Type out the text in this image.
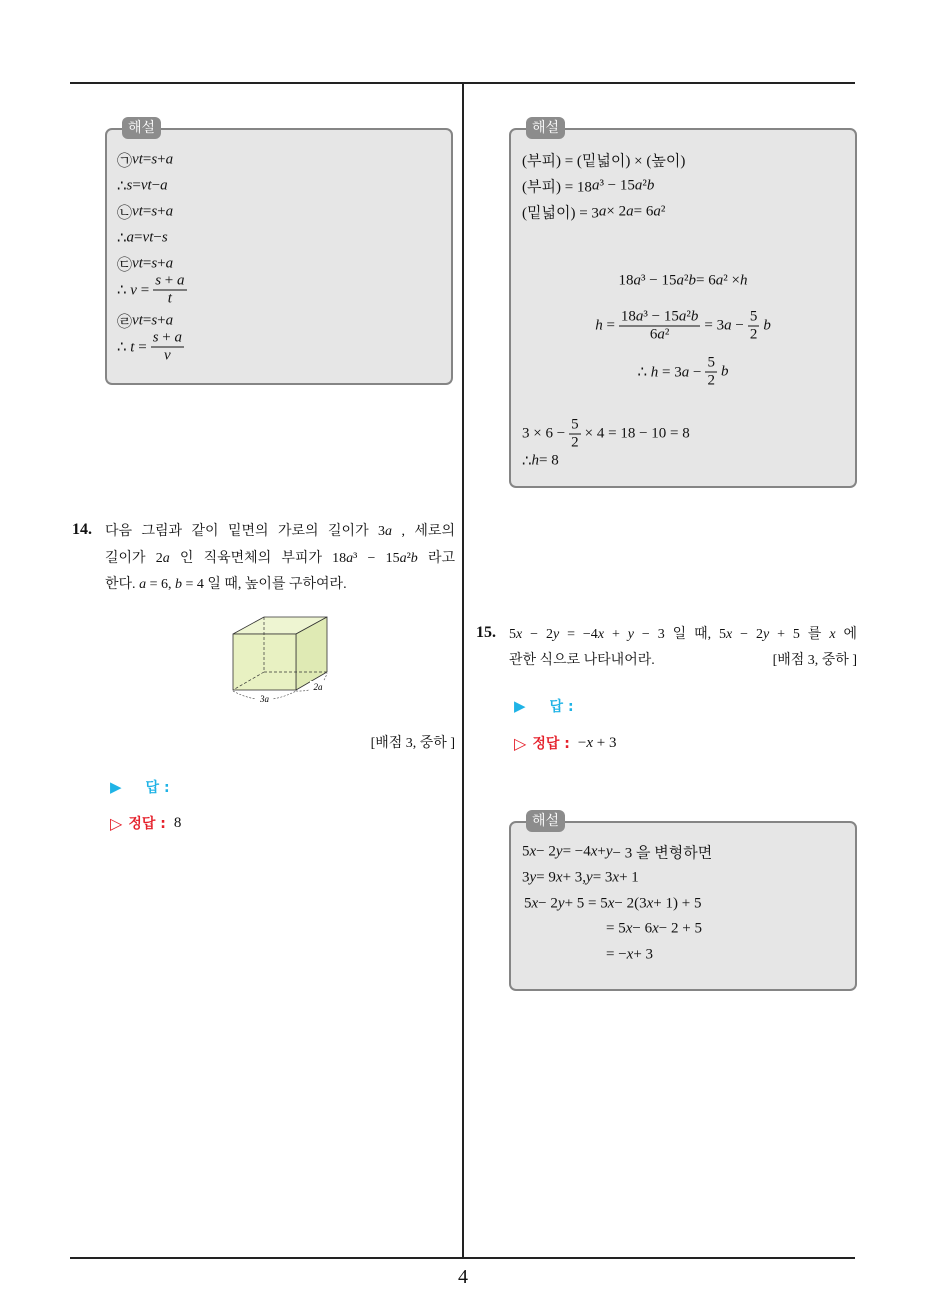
해설
㉠ v t = s + a
∴ s = v t − a
㉡ v t = s + a
∴ a = v t − s
㉢ v t = s + a
∴ $v = \frac{s + a}{t}$
㉣ v t = s + a
∴ $t = \frac{s + a}{v}$
14. 다음 그림과 같이 밑면의 가로의 길이가 3a , 세로의
길이가 2a 인 직육면체의 부피가 18a³ − 15a²b 라고
한다. a = 6, b = 4 일 때, 높이를 구하여라.
3a
2a
[배점 3, 중하 ]
▶ 답 :
▷ 정답 : 8
해설
(부피) = (밑넓이) × (높이)
(부피) = 18 a ³ − 15 a ² b
(밑넓이) = 3 a × 2 a = 6 a ²
18 a ³ − 15 a ² b = 6 a ² × h
$h = \frac{\text{18a³ − 15a²b}}{\text{6a²}} = 3a - \frac{5}{2}$ b
∴ $h = 3a - \frac{5}{2}$ b
$3 \times 6 - \frac{5}{2} \times 4 = 18 - 10 = 8$
∴ h = 8
15. 5x − 2y = −4x + y − 3 일 때, 5x − 2y + 5 를 x 에
관한 식으로 나타내어라.	[배점 3, 중하 ]
▶ 답 :
▷ 정답 : −x + 3
해설
5 x − 2 y = −4 x + y − 3 을 변형하면
3 y = 9 x + 3, y = 3 x + 1
5 x − 2 y + 5 = 5 x − 2(3 x + 1) + 5
= 5 x − 6 x − 2 + 5
= − x + 3
4
